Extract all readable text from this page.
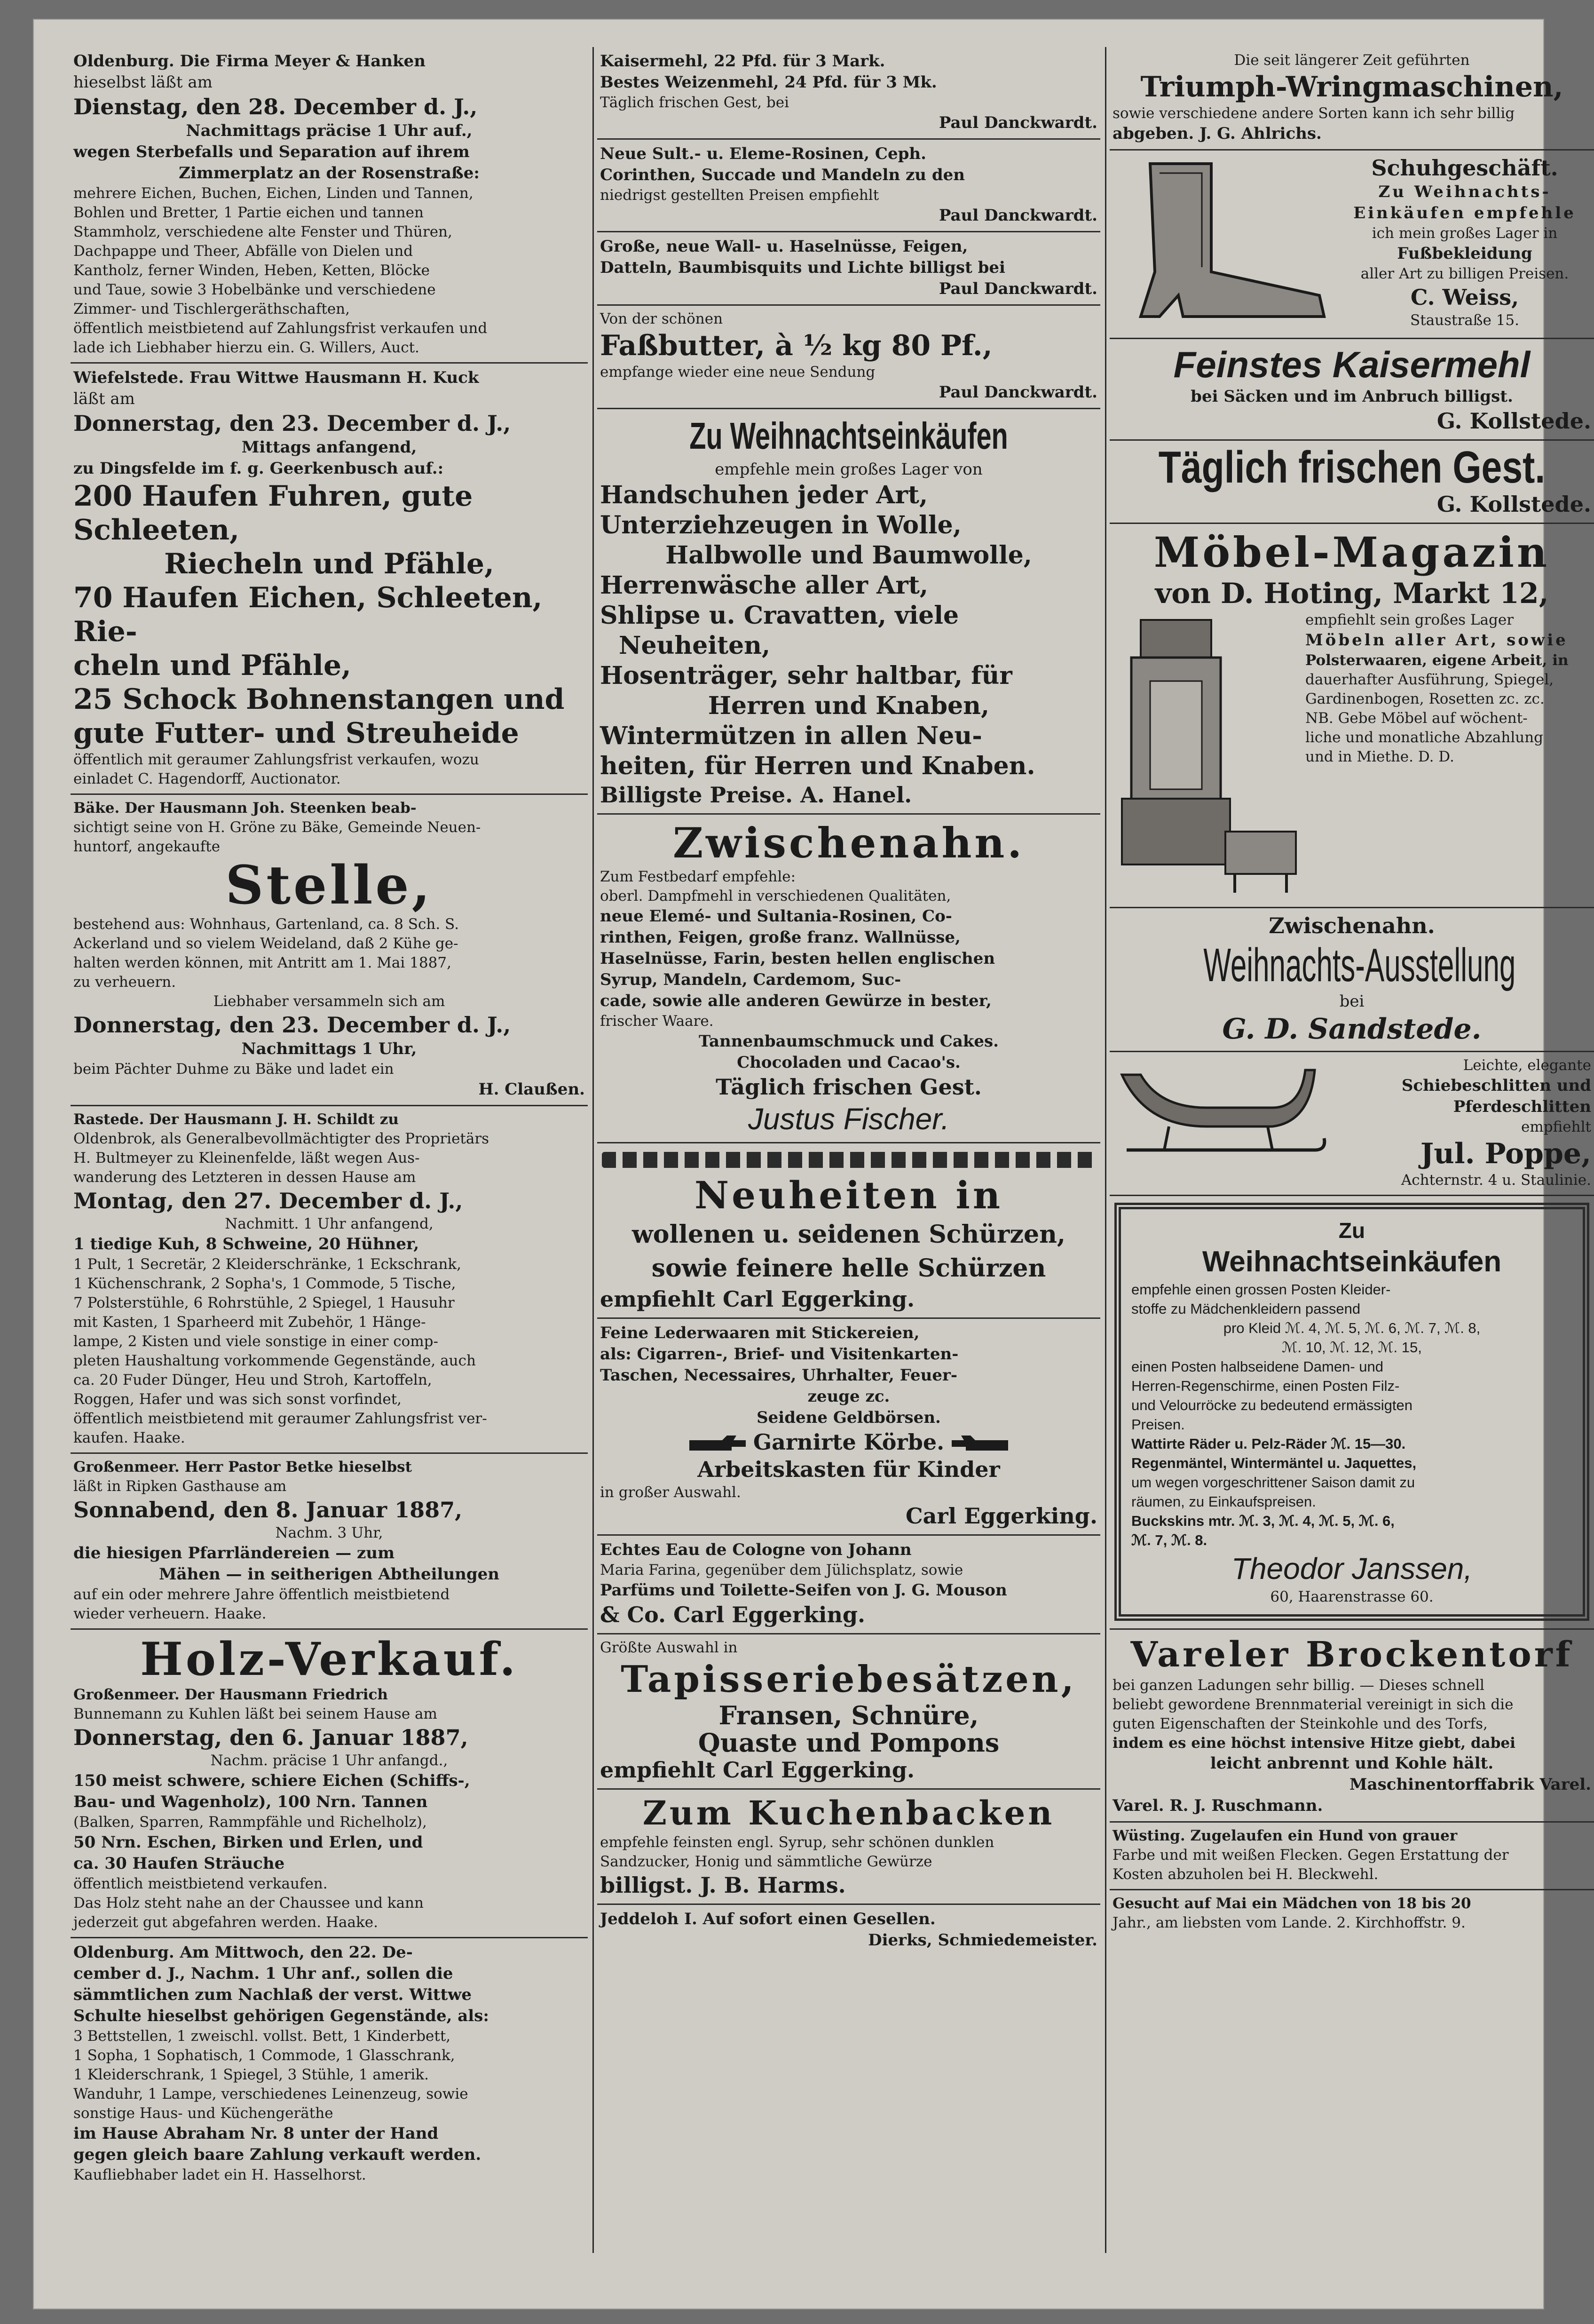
Oldenburg. Die Firma Meyer & Hanken

hieselbst läßt am

Dienstag, den 28. December d. J.,

Nachmittags präcise 1 Uhr auf.,

wegen Sterbefalls und Separation auf ihrem

Zimmerplatz an der Rosenstraße:

mehrere Eichen, Buchen, Eichen, Linden und Tannen,

Bohlen und Bretter, 1 Partie eichen und tannen

Stammholz, verschiedene alte Fenster und Thüren,

Dachpappe und Theer, Abfälle von Dielen und

Kantholz, ferner Winden, Heben, Ketten, Blöcke

und Taue, sowie 3 Hobelbänke und verschiedene

Zimmer- und Tischlergeräthschaften,

öffentlich meistbietend auf Zahlungsfrist verkaufen und

lade ich Liebhaber hierzu ein. G. Willers, Auct.

Wiefelstede. Frau Wittwe Hausmann H. Kuck

läßt am

Donnerstag, den 23. December d. J.,

Mittags anfangend,

zu Dingsfelde im f. g. Geerkenbusch auf.:

200 Haufen Fuhren, gute Schleeten,

Riecheln und Pfähle,

70 Haufen Eichen, Schleeten, Rie-

cheln und Pfähle,

25 Schock Bohnenstangen und

gute Futter- und Streuheide

öffentlich mit geraumer Zahlungsfrist verkaufen, wozu

einladet C. Hagendorff, Auctionator.

Bäke. Der Hausmann Joh. Steenken beab-

sichtigt seine von H. Gröne zu Bäke, Gemeinde Neuen-

huntorf, angekaufte

Stelle,

bestehend aus: Wohnhaus, Gartenland, ca. 8 Sch. S.

Ackerland und so vielem Weideland, daß 2 Kühe ge-

halten werden können, mit Antritt am 1. Mai 1887,

zu verheuern.

Liebhaber versammeln sich am

Donnerstag, den 23. December d. J.,

Nachmittags 1 Uhr,

beim Pächter Duhme zu Bäke und ladet ein

H. Claußen.

Rastede. Der Hausmann J. H. Schildt zu

Oldenbrok, als Generalbevollmächtigter des Proprietärs

H. Bultmeyer zu Kleinenfelde, läßt wegen Aus-

wanderung des Letzteren in dessen Hause am

Montag, den 27. December d. J.,

Nachmitt. 1 Uhr anfangend,

1 tiedige Kuh, 8 Schweine, 20 Hühner,

1 Pult, 1 Secretär, 2 Kleiderschränke, 1 Eckschrank,

1 Küchenschrank, 2 Sopha's, 1 Commode, 5 Tische,

7 Polsterstühle, 6 Rohrstühle, 2 Spiegel, 1 Hausuhr

mit Kasten, 1 Sparheerd mit Zubehör, 1 Hänge-

lampe, 2 Kisten und viele sonstige in einer comp-

pleten Haushaltung vorkommende Gegenstände, auch

ca. 20 Fuder Dünger, Heu und Stroh, Kartoffeln,

Roggen, Hafer und was sich sonst vorfindet,

öffentlich meistbietend mit geraumer Zahlungsfrist ver-

kaufen. Haake.

Großenmeer. Herr Pastor Betke hieselbst

läßt in Ripken Gasthause am

Sonnabend, den 8. Januar 1887,

Nachm. 3 Uhr,

die hiesigen Pfarrländereien — zum

Mähen — in seitherigen Abtheilungen

auf ein oder mehrere Jahre öffentlich meistbietend

wieder verheuern. Haake.

Holz-Verkauf.

Großenmeer. Der Hausmann Friedrich

Bunnemann zu Kuhlen läßt bei seinem Hause am

Donnerstag, den 6. Januar 1887,

Nachm. präcise 1 Uhr anfangd.,

150 meist schwere, schiere Eichen (Schiffs-,

Bau- und Wagenholz), 100 Nrn. Tannen

(Balken, Sparren, Rammpfähle und Richelholz),

50 Nrn. Eschen, Birken und Erlen, und

ca. 30 Haufen Sträuche

öffentlich meistbietend verkaufen.

Das Holz steht nahe an der Chaussee und kann

jederzeit gut abgefahren werden. Haake.

Oldenburg. Am Mittwoch, den 22. De-

cember d. J., Nachm. 1 Uhr anf., sollen die

sämmtlichen zum Nachlaß der verst. Wittwe

Schulte hieselbst gehörigen Gegenstände, als:

3 Bettstellen, 1 zweischl. vollst. Bett, 1 Kinderbett,

1 Sopha, 1 Sophatisch, 1 Commode, 1 Glasschrank,

1 Kleiderschrank, 1 Spiegel, 3 Stühle, 1 amerik.

Wanduhr, 1 Lampe, verschiedenes Leinenzeug, sowie

sonstige Haus- und Küchengeräthe

im Hause Abraham Nr. 8 unter der Hand

gegen gleich baare Zahlung verkauft werden.

Kaufliebhaber ladet ein H. Hasselhorst.

Kaisermehl, 22 Pfd. für 3 Mark.

Bestes Weizenmehl, 24 Pfd. für 3 Mk.

Täglich frischen Gest, bei

Paul Danckwardt.

Neue Sult.- u. Eleme-Rosinen, Ceph.

Corinthen, Succade und Mandeln zu den

niedrigst gestellten Preisen empfiehlt

Paul Danckwardt.

Große, neue Wall- u. Haselnüsse, Feigen,

Datteln, Baumbisquits und Lichte billigst bei

Paul Danckwardt.

Von der schönen

Faßbutter, à ½ kg 80 Pf.,

empfange wieder eine neue Sendung

Paul Danckwardt.

Zu Weihnachtseinkäufen

empfehle mein großes Lager von

Handschuhen jeder Art,

Unterziehzeugen in Wolle,

Halbwolle und Baumwolle,

Herrenwäsche aller Art,

Shlipse u. Cravatten, viele

Neuheiten,

Hosenträger, sehr haltbar, für

Herren und Knaben,

Wintermützen in allen Neu-

heiten, für Herren und Knaben.

Billigste Preise. A. Hanel.

Zwischenahn.

Zum Festbedarf empfehle:

oberl. Dampfmehl in verschiedenen Qualitäten,

neue Elemé- und Sultania-Rosinen, Co-

rinthen, Feigen, große franz. Wallnüsse,

Haselnüsse, Farin, besten hellen englischen

Syrup, Mandeln, Cardemom, Suc-

cade, sowie alle anderen Gewürze in bester,

frischer Waare.

Tannenbaumschmuck und Cakes.

Chocoladen und Cacao's.

Täglich frischen Gest.

Justus Fischer.

Neuheiten in

wollenen u. seidenen Schürzen,

sowie feinere helle Schürzen

empfiehlt Carl Eggerking.

Feine Lederwaaren mit Stickereien,

als: Cigarren-, Brief- und Visitenkarten-

Taschen, Necessaires, Uhrhalter, Feuer-

zeuge zc.

Seidene Geldbörsen.

Garnirte Körbe.

Arbeitskasten für Kinder

in großer Auswahl.

Carl Eggerking.

Echtes Eau de Cologne von Johann

Maria Farina, gegenüber dem Jülichsplatz, sowie

Parfüms und Toilette-Seifen von J. G. Mouson

& Co. Carl Eggerking.

Größte Auswahl in

Tapisseriebesätzen,

Fransen, Schnüre,

Quaste und Pompons

empfiehlt Carl Eggerking.

Zum Kuchenbacken

empfehle feinsten engl. Syrup, sehr schönen dunklen

Sandzucker, Honig und sämmtliche Gewürze

billigst. J. B. Harms.

Jeddeloh I. Auf sofort einen Gesellen.

Dierks, Schmiedemeister.

Die seit längerer Zeit geführten

Triumph-Wringmaschinen,

sowie verschiedene andere Sorten kann ich sehr billig

abgeben. J. G. Ahlrichs.

Schuhgeschäft.

Zu Weihnachts-

Einkäufen empfehle

ich mein großes Lager in

Fußbekleidung

aller Art zu billigen Preisen.

C. Weiss,

Staustraße 15.

Feinstes Kaisermehl

bei Säcken und im Anbruch billigst.

G. Kollstede.

Täglich frischen Gest.

G. Kollstede.

Möbel-Magazin

von D. Hoting, Markt 12,

empfiehlt sein großes Lager

Möbeln aller Art, sowie

Polsterwaaren, eigene Arbeit, in

dauerhafter Ausführung, Spiegel,

Gardinenbogen, Rosetten zc. zc.

NB. Gebe Möbel auf wöchent-

liche und monatliche Abzahlung

und in Miethe. D. D.

Zwischenahn.

Weihnachts-Ausstellung

bei

G. D. Sandstede.

Leichte, elegante

Schiebeschlitten und

Pferdeschlitten

empfiehlt

Jul. Poppe,

Achternstr. 4 u. Staulinie.

Zu

Weihnachtseinkäufen

empfehle einen grossen Posten Kleider-

stoffe zu Mädchenkleidern passend

pro Kleid ℳ. 4, ℳ. 5, ℳ. 6, ℳ. 7, ℳ. 8,

ℳ. 10, ℳ. 12, ℳ. 15,

einen Posten halbseidene Damen- und

Herren-Regenschirme, einen Posten Filz-

und Velourröcke zu bedeutend ermässigten

Preisen.

Wattirte Räder u. Pelz-Räder ℳ. 15—30.

Regenmäntel, Wintermäntel u. Jaquettes,

um wegen vorgeschrittener Saison damit zu

räumen, zu Einkaufspreisen.

Buckskins mtr. ℳ. 3, ℳ. 4, ℳ. 5, ℳ. 6,

ℳ. 7, ℳ. 8.

Theodor Janssen,

60, Haarenstrasse 60.

Vareler Brockentorf

bei ganzen Ladungen sehr billig. — Dieses schnell

beliebt gewordene Brennmaterial vereinigt in sich die

guten Eigenschaften der Steinkohle und des Torfs,

indem es eine höchst intensive Hitze giebt, dabei

leicht anbrennt und Kohle hält.

Maschinentorffabrik Varel.

Varel. R. J. Ruschmann.

Wüsting. Zugelaufen ein Hund von grauer

Farbe und mit weißen Flecken. Gegen Erstattung der

Kosten abzuholen bei H. Bleckwehl.

Gesucht auf Mai ein Mädchen von 18 bis 20

Jahr., am liebsten vom Lande. 2. Kirchhoffstr. 9.
